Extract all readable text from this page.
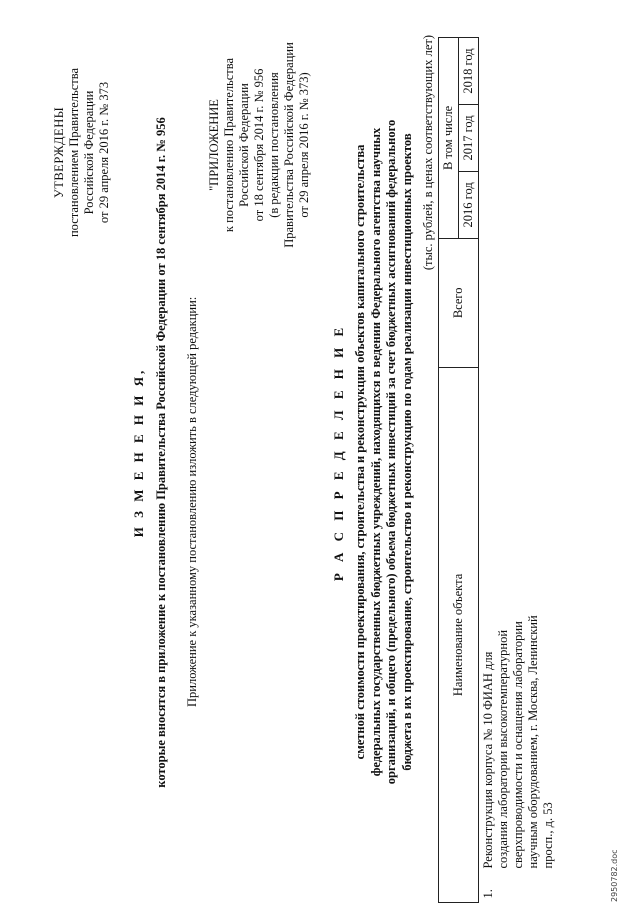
УТВЕРЖДЕНЫ постановлением Правительства Российской Федерации от 29 апреля 2016 г. № 373
И З М Е Н Е Н И Я, которые вносятся в приложение к постановлению Правительства Российской Федерации от 18 сентября 2014 г. № 956 Приложение к указанному постановлению изложить в следующей редакции:
"ПРИЛОЖЕНИЕ к постановлению Правительства Российской Федерации от 18 сентября 2014 г. № 956 (в редакции постановления Правительства Российской Федерации от 29 апреля 2016 г. № 373)
Р А С П Р Е Д Е Л Е Н И Е сметной стоимости проектирования, строительства и реконструкции объектов капитального строительства федеральных государственных бюджетных учреждений, находящихся в ведении Федерального агентства научных организаций, и общего (предельного) объема бюджетных инвестиций за счет бюджетных ассигнований федерального бюджета в их проектирование, строительство и реконструкцию по годам реализации инвестиционных проектов (тыс. рублей, в ценах соответствующих лет)
Наименование объекта		Всего	В том числе		
			2016 год	2017 год	2018 год
1.	Реконструкция корпуса № 10 ФИАН для создания лаборатории высокотемпературной сверхпроводимости и оснащения лаборатории научным оборудованием, г. Москва, Ленинский просп., д. 53				

2950782.doc
